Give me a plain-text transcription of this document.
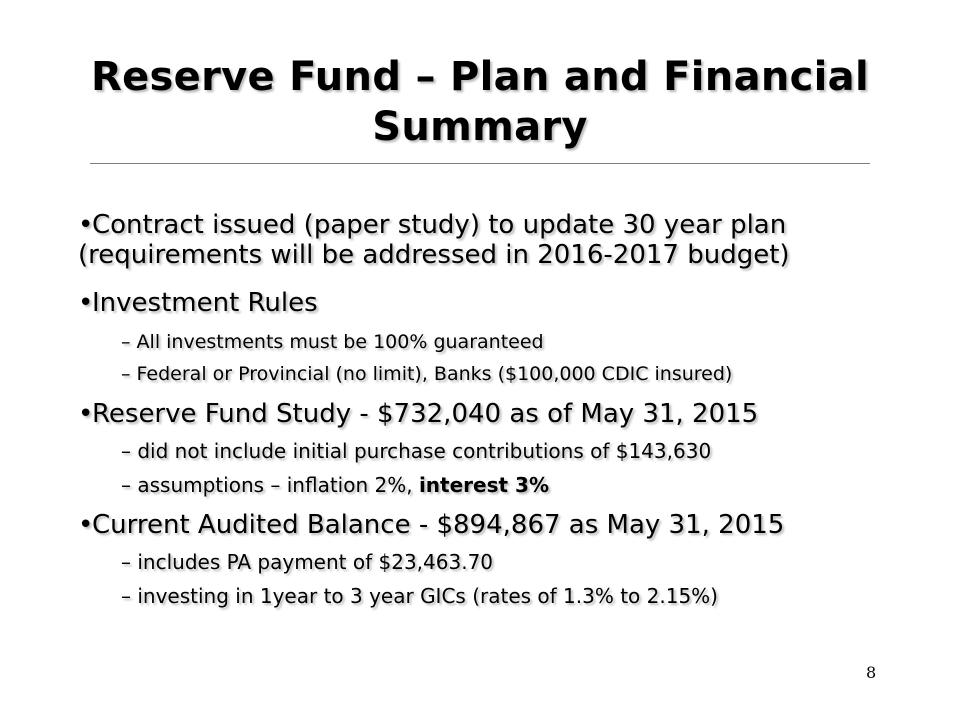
Reserve Fund – Plan and Financial
Summary

•Contract issued (paper study) to update 30 year plan (requirements will be addressed in 2016-2017 budget)

•Investment Rules

– All investments must be 100% guaranteed

– Federal or Provincial (no limit), Banks ($100,000 CDIC insured)

•Reserve Fund Study - $732,040 as of May 31, 2015

– did not include initial purchase contributions of $143,630

– assumptions – inflation 2%, interest 3%

•Current Audited Balance - $894,867 as May 31, 2015

– includes PA payment of $23,463.70

– investing in 1year to 3 year GICs (rates of 1.3% to 2.15%)

8
